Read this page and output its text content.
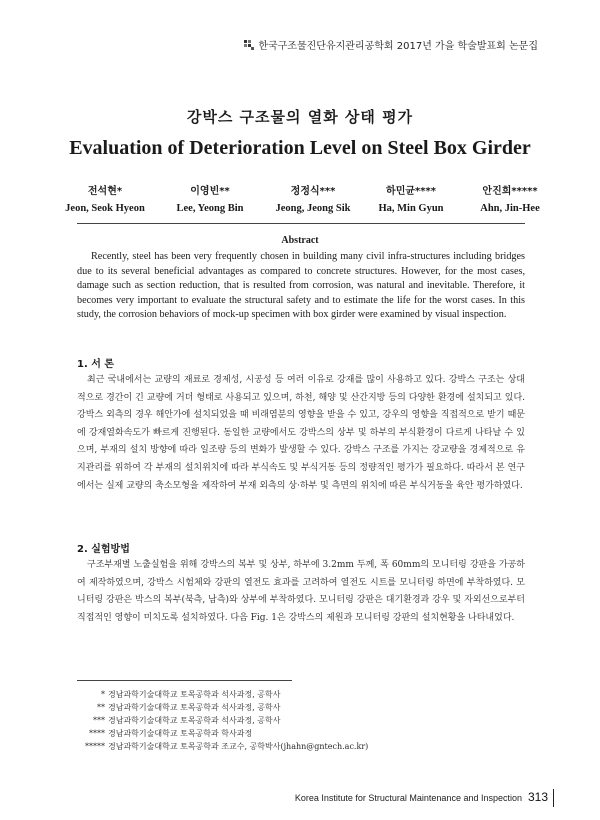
한국구조물진단유지관리공학회 2017년 가을 학술발표회 논문집
강박스 구조물의 열화 상태 평가
Evaluation of Deterioration Level on Steel Box Girder
전석현*
Jeon, Seok Hyeon
이영빈**
Lee, Yeong Bin
정정식***
Jeong, Jeong Sik
하민균****
Ha, Min Gyun
안진희*****
Ahn, Jin-Hee
Abstract
Recently, steel has been very frequently chosen in building many civil infra-structures including bridges due to its several beneficial advantages as compared to concrete structures. However, for the most cases, damage such as section reduction, that is resulted from corrosion, was natural and inevitable. Therefore, it becomes very important to evaluate the structural safety and to estimate the life for the worst cases. In this study, the corrosion behaviors of mock-up specimen with box girder were examined by visual inspection.
1. 서 론
최근 국내에서는 교량의 재료로 경제성, 시공성 등 여러 이유로 강재를 많이 사용하고 있다. 강박스 구조는 상대적으로 경간이 긴 교량에 거더 형태로 사용되고 있으며, 하천, 해양 및 산간지방 등의 다양한 환경에 설치되고 있다. 강박스 외측의 경우 해안가에 설치되었을 때 비래염분의 영향을 받을 수 있고, 강우의 영향을 직접적으로 받기 때문에 강재열화속도가 빠르게 진행된다. 동일한 교량에서도 강박스의 상부 및 하부의 부식환경이 다르게 나타날 수 있으며, 부재의 설치 방향에 따라 일조량 등의 변화가 발생할 수 있다. 강박스 구조를 가지는 강교량을 경제적으로 유지관리를 위하여 각 부재의 설치위치에 따라 부식속도 및 부식거동 등의 정량적인 평가가 필요하다. 따라서 본 연구에서는 실제 교량의 축소모형을 제작하여 부재 외측의 상·하부 및 측면의 위치에 따른 부식거동을 육안 평가하였다.
2. 실험방법
구조부재별 노출실험을 위해 강박스의 복부 및 상부, 하부에 3.2mm 두께, 폭 60mm의 모니터링 강판을 가공하여 제작하였으며, 강박스 시험체와 강판의 열전도 효과를 고려하여 열전도 시트를 모니터링 하면에 부착하였다. 모니터링 강판은 박스의 복부(북측, 남측)와 상부에 부착하였다. 모니터링 강판은 대기환경과 강우 및 자외선으로부터 직접적인 영향이 미치도록 설치하였다. 다음 Fig. 1은 강박스의 제원과 모니터링 강판의 설치현황을 나타내었다.
* 경남과학기술대학교 토목공학과 석사과정, 공학사
** 경남과학기술대학교 토목공학과 석사과정, 공학사
*** 경남과학기술대학교 토목공학과 석사과정, 공학사
**** 경남과학기술대학교 토목공학과 학사과정
***** 경남과학기술대학교 토목공학과 조교수, 공학박사(jhahn@gntech.ac.kr)
Korea Institute for Structural Maintenance and Inspection 313
